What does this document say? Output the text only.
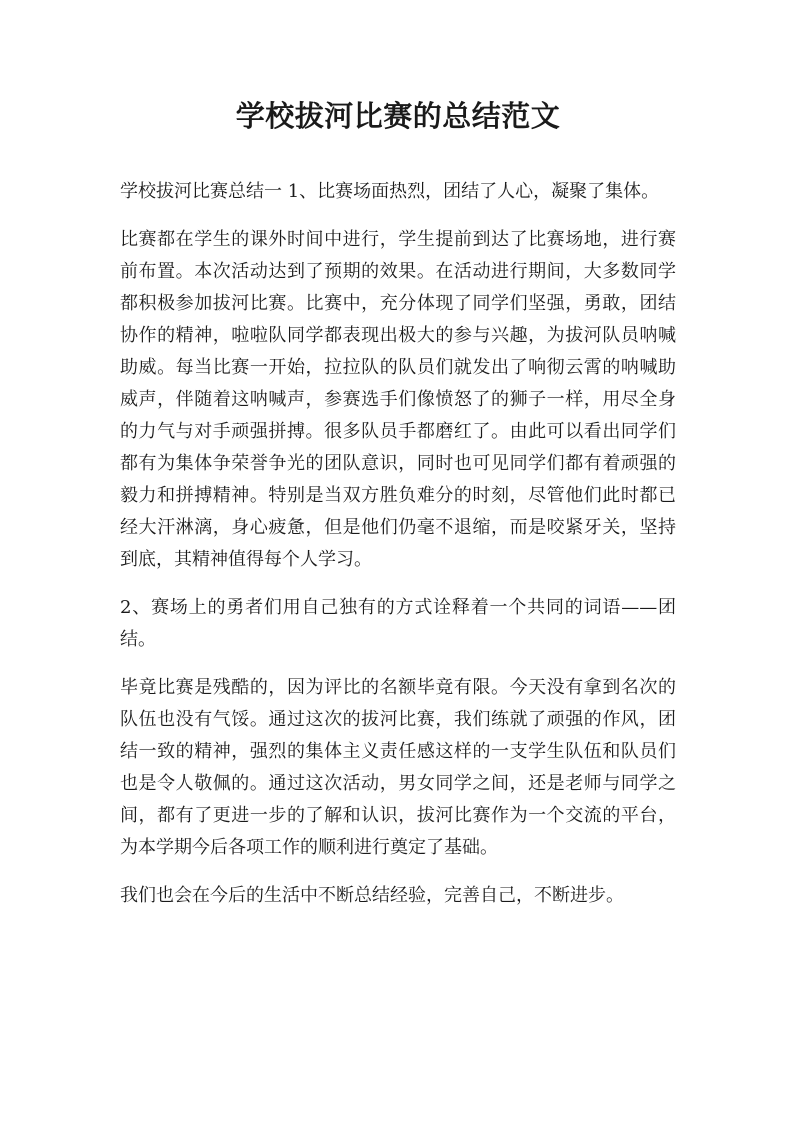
学校拔河比赛的总结范文

学校拔河比赛总结一 1、比赛场面热烈，团结了人心，凝聚了集体。

比赛都在学生的课外时间中进行，学生提前到达了比赛场地，进行赛前布置。本次活动达到了预期的效果。在活动进行期间，大多数同学都积极参加拔河比赛。比赛中，充分体现了同学们坚强，勇敢，团结协作的精神，啦啦队同学都表现出极大的参与兴趣，为拔河队员呐喊助威。每当比赛一开始，拉拉队的队员们就发出了响彻云霄的呐喊助威声，伴随着这呐喊声，参赛选手们像愤怒了的狮子一样，用尽全身的力气与对手顽强拼搏。很多队员手都磨红了。由此可以看出同学们都有为集体争荣誉争光的团队意识，同时也可见同学们都有着顽强的毅力和拼搏精神。特别是当双方胜负难分的时刻，尽管他们此时都已经大汗淋漓，身心疲惫，但是他们仍毫不退缩，而是咬紧牙关，坚持到底，其精神值得每个人学习。

2、赛场上的勇者们用自己独有的方式诠释着一个共同的词语——团结。

毕竟比赛是残酷的，因为评比的名额毕竟有限。今天没有拿到名次的队伍也没有气馁。通过这次的拔河比赛，我们练就了顽强的作风，团结一致的精神，强烈的集体主义责任感这样的一支学生队伍和队员们也是令人敬佩的。通过这次活动，男女同学之间，还是老师与同学之间，都有了更进一步的了解和认识，拔河比赛作为一个交流的平台，为本学期今后各项工作的顺利进行奠定了基础。

我们也会在今后的生活中不断总结经验，完善自己，不断进步。
